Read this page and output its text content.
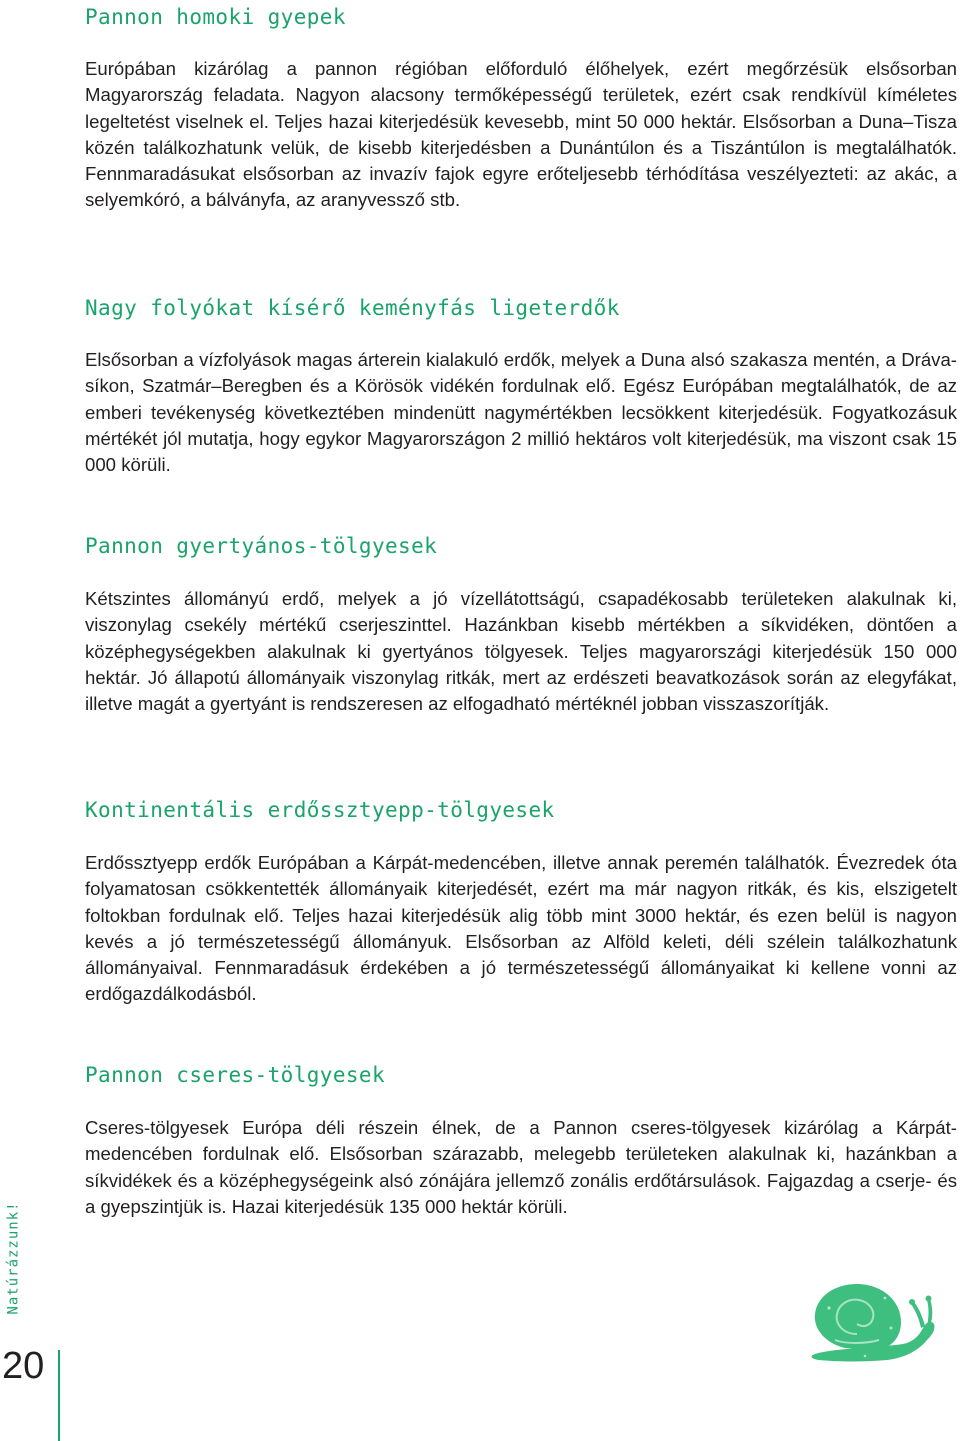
Pannon homoki gyepek

Európában kizárólag a pannon régióban előforduló élőhelyek, ezért megőrzésük elsősorban Magyarország feladata. Nagyon alacsony termőképességű területek, ezért csak rendkívül kíméletes legeltetést viselnek el. Teljes hazai kiterjedésük kevesebb, mint 50 000 hektár. Elsősorban a Duna–Tisza közén találkozhatunk velük, de kisebb kiterjedésben a Dunántúlon és a Tiszántúlon is megtalálhatók. Fennmaradásukat elsősorban az invazív fajok egyre erőteljesebb térhódítása veszélyezteti: az akác, a selyemkóró, a bálványfa, az aranyvessző stb.

Nagy folyókat kísérő keményfás ligeterdők

Elsősorban a vízfolyások magas árterein kialakuló erdők, melyek a Duna alsó szakasza mentén, a Dráva-síkon, Szatmár–Beregben és a Körösök vidékén fordulnak elő. Egész Európában megtalálhatók, de az emberi tevékenység következtében mindenütt nagymértékben lecsökkent kiterjedésük. Fogyatkozásuk mértékét jól mutatja, hogy egykor Magyarországon 2 millió hektáros volt kiterjedésük, ma viszont csak 15 000 körüli.

Pannon gyertyános-tölgyesek

Kétszintes állományú erdő, melyek a jó vízellátottságú, csapadékosabb területeken alakulnak ki, viszonylag csekély mértékű cserjeszinttel. Hazánkban kisebb mértékben a síkvidéken, döntően a középhegységekben alakulnak ki gyertyános tölgyesek. Teljes magyarországi kiterjedésük 150 000 hektár. Jó állapotú állományaik viszonylag ritkák, mert az erdészeti beavatkozások során az elegyfákat, illetve magát a gyertyánt is rendszeresen az elfogadható mértéknél jobban visszaszorítják.

Kontinentális erdőssztyepp-tölgyesek

Erdőssztyepp erdők Európában a Kárpát-medencében, illetve annak peremén találhatók. Évezredek óta folyamatosan csökkentették állományaik kiterjedését, ezért ma már nagyon ritkák, és kis, elszigetelt foltokban fordulnak elő. Teljes hazai kiterjedésük alig több mint 3000 hektár, és ezen belül is nagyon kevés a jó természetességű állományuk. Elsősorban az Alföld keleti, déli szélein találkozhatunk állományaival. Fennmaradásuk érdekében a jó természetességű állományaikat ki kellene vonni az erdőgazdálkodásból.

Pannon cseres-tölgyesek

Cseres-tölgyesek Európa déli részein élnek, de a Pannon cseres-tölgyesek kizárólag a Kárpát-medencében fordulnak elő. Elsősorban szárazabb, melegebb területeken alakulnak ki, hazánkban a síkvidékek és a középhegységeink alsó zónájára jellemző zonális erdőtársulások. Fajgazdag a cserje- és a gyepszintjük is. Hazai kiterjedésük 135 000 hektár körüli.

Natúrázzunk!
20
